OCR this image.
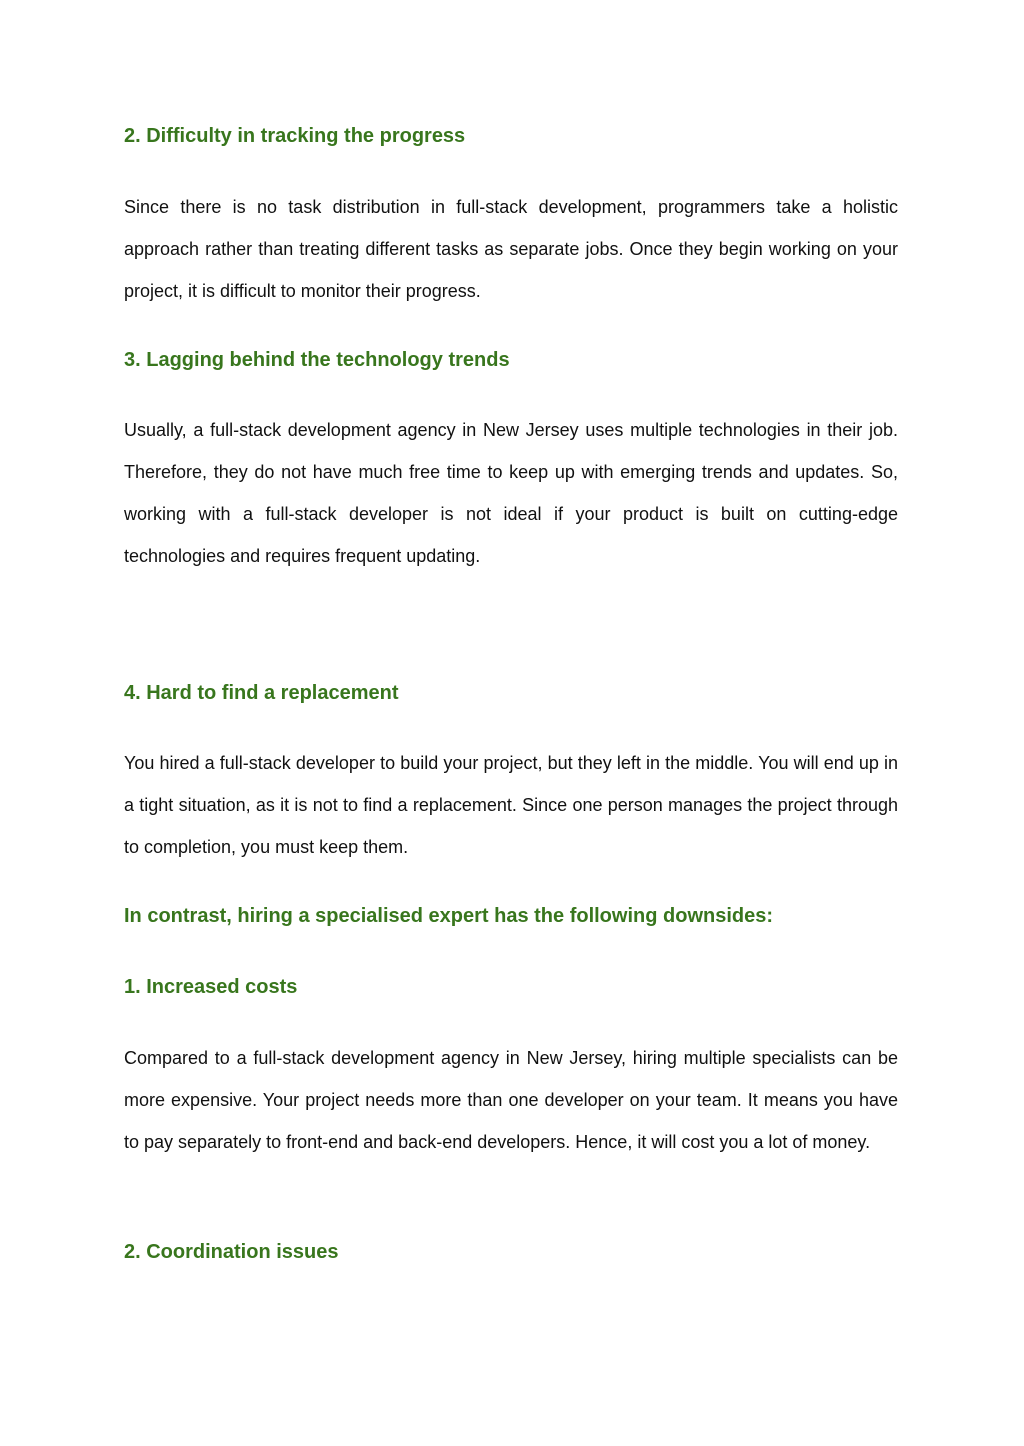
2. Difficulty in tracking the progress

Since there is no task distribution in full-stack development, programmers take a holistic approach rather than treating different tasks as separate jobs. Once they begin working on your project, it is difficult to monitor their progress.

3. Lagging behind the technology trends

Usually, a full-stack development agency in New Jersey uses multiple technologies in their job. Therefore, they do not have much free time to keep up with emerging trends and updates. So, working with a full-stack developer is not ideal if your product is built on cutting-edge technologies and requires frequent updating.

4. Hard to find a replacement

You hired a full-stack developer to build your project, but they left in the middle. You will end up in a tight situation, as it is not to find a replacement. Since one person manages the project through to completion, you must keep them.

In contrast, hiring a specialised expert has the following downsides:
1. Increased costs

Compared to a full-stack development agency in New Jersey, hiring multiple specialists can be more expensive. Your project needs more than one developer on your team. It means you have to pay separately to front-end and back-end developers. Hence, it will cost you a lot of money.

2. Coordination issues
